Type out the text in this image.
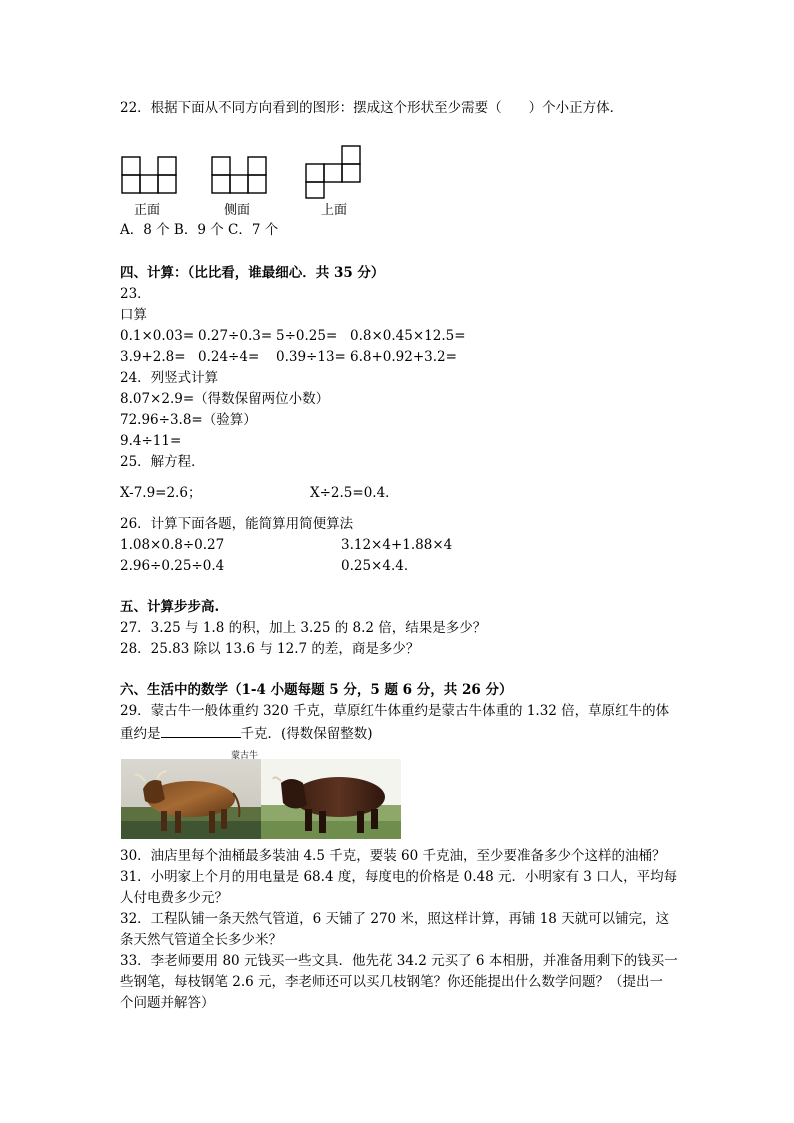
22．根据下面从不同方向看到的图形：摆成这个形状至少需要（　　）个小正方体．
正面	侧面	上面
A．8 个 B．9 个 C．7 个
四、计算：（比比看，谁最细心．共 35 分）
23．
口算
0.1×0.03= 0.27÷0.3= 5÷0.25= 0.8×0.45×12.5=
3.9+2.8= 0.24÷4= 0.39÷13= 6.8+0.92+3.2=
24．列竖式计算
8.07×2.9=（得数保留两位小数）
72.96÷3.8=（验算）
9.4÷11=
25．解方程．
X-7.9=2.6；	X÷2.5=0.4．
26．计算下面各题，能简算用简便算法
1.08×0.8÷0.27	3.12×4+1.88×4
2.96÷0.25÷0.4	0.25×4.4．
五、计算步步高.
27．3.25 与 1.8 的积，加上 3.25 的 8.2 倍，结果是多少？
28．25.83 除以 13.6 与 12.7 的差，商是多少？
六、生活中的数学（1-4 小题每题 5 分，5 题 6 分，共 26 分）
29．蒙古牛一般体重约 320 千克，草原红牛体重约是蒙古牛体重的 1.32 倍，草原红牛的体
重约是	千克．(得数保留整数)
蒙古牛
30．油店里每个油桶最多装油 4.5 千克，要装 60 千克油，至少要准备多少个这样的油桶？
31．小明家上个月的用电量是 68.4 度，每度电的价格是 0.48 元．小明家有 3 口人，平均每
人付电费多少元？
32．工程队铺一条天然气管道，6 天铺了 270 米，照这样计算，再铺 18 天就可以铺完，这
条天然气管道全长多少米？
33．李老师要用 80 元钱买一些文具．他先花 34.2 元买了 6 本相册，并准备用剩下的钱买一
些钢笔，每枝钢笔 2.6 元，李老师还可以买几枝钢笔？你还能提出什么数学问题？（提出一
个问题并解答）
